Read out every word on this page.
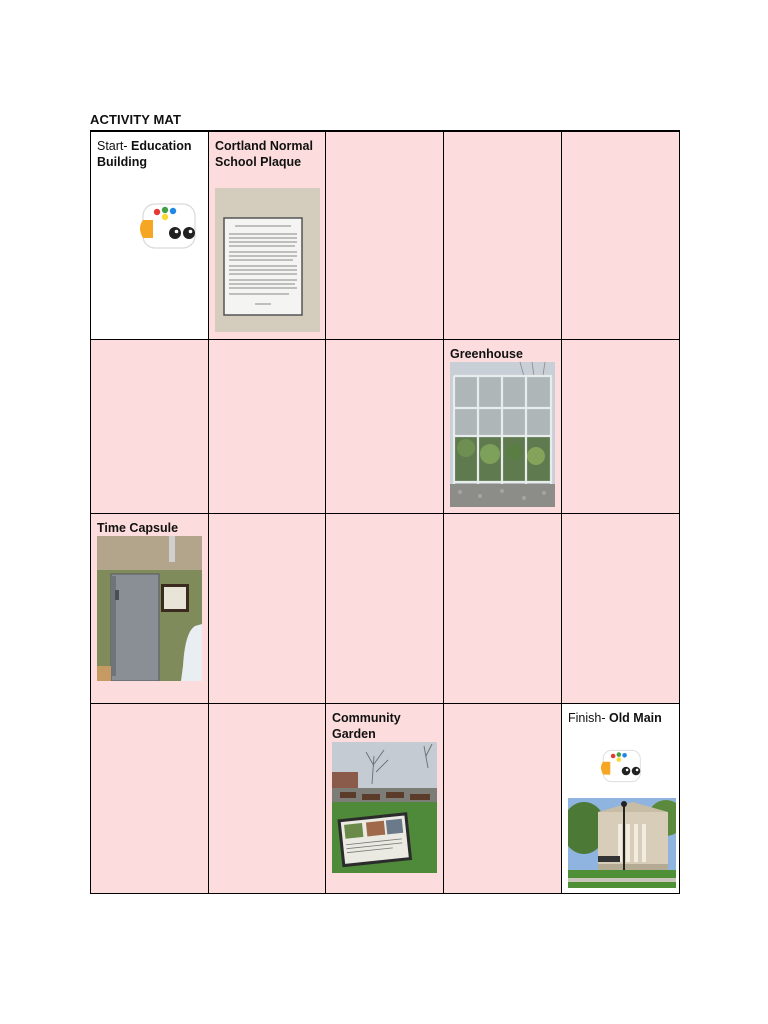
ACTIVITY MAT
Start- Education Building	Cortland Normal School Plaque			

			Greenhouse	

Time Capsule				

		Community Garden		Finish- Old Main
